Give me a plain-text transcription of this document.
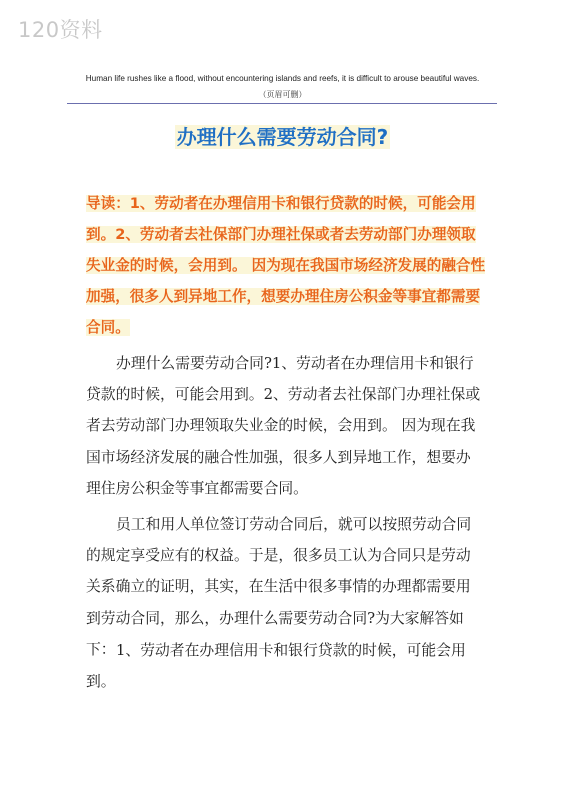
120资料
Human life rushes like a flood, without encountering islands and reefs, it is difficult to arouse beautiful waves.
（页眉可删）
办理什么需要劳动合同?
导读：1、劳动者在办理信用卡和银行贷款的时候，可能会用到。2、劳动者去社保部门办理社保或者去劳动部门办理领取失业金的时候，会用到。 因为现在我国市场经济发展的融合性加强，很多人到异地工作，想要办理住房公积金等事宜都需要合同。

办理什么需要劳动合同?1、劳动者在办理信用卡和银行贷款的时候，可能会用到。2、劳动者去社保部门办理社保或者去劳动部门办理领取失业金的时候，会用到。 因为现在我国市场经济发展的融合性加强，很多人到异地工作，想要办理住房公积金等事宜都需要合同。

员工和用人单位签订劳动合同后，就可以按照劳动合同的规定享受应有的权益。于是，很多员工认为合同只是劳动关系确立的证明，其实，在生活中很多事情的办理都需要用到劳动合同，那么，办理什么需要劳动合同?为大家解答如下： 1、劳动者在办理信用卡和银行贷款的时候，可能会用到。
